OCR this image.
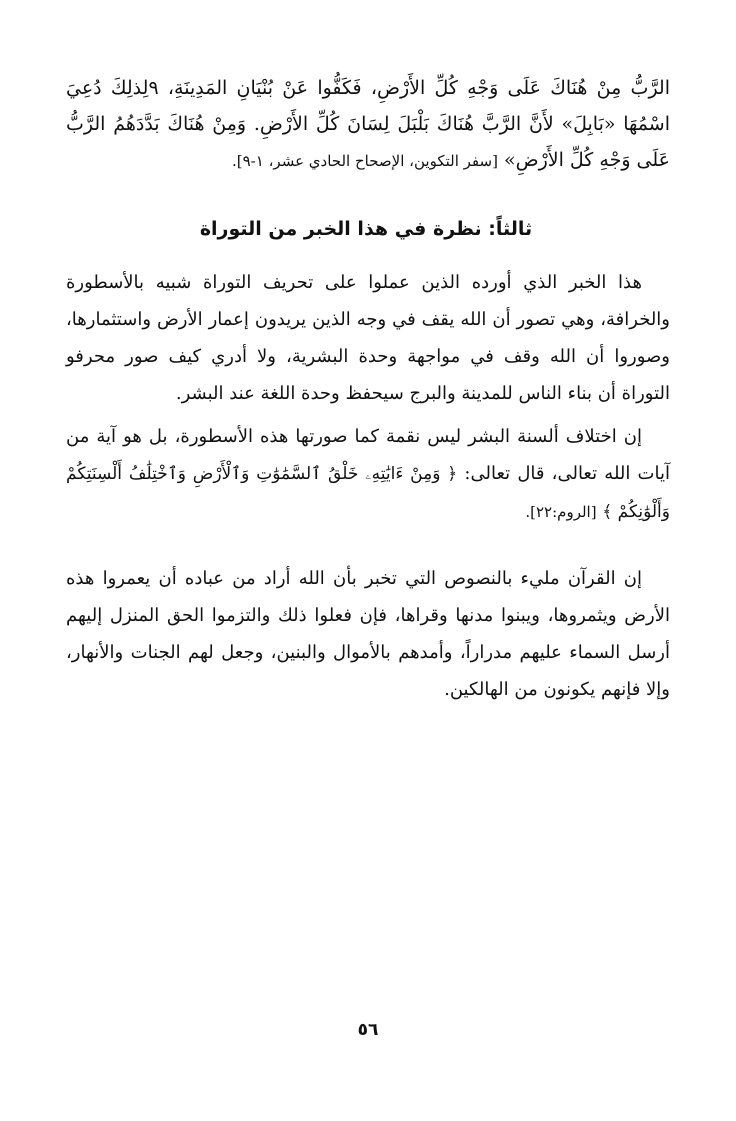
الرَّبُّ مِنْ هُنَاكَ عَلَى وَجْهِ كُلِّ الأَرْضِ، فَكَفُّوا عَنْ بُنْيَانِ المَدِينَةِ، ٩لِذلِكَ دُعِيَ اسْمُهَا «بَابِلَ» لأَنَّ الرَّبَّ هُنَاكَ بَلْبَلَ لِسَانَ كُلِّ الأَرْضِ. وَمِنْ هُنَاكَ بَدَّدَهُمُ الرَّبُّ عَلَى وَجْهِ كُلِّ الأَرْضِ» [سفر التكوين، الإصحاح الحادي عشر، ١-٩].
ثالثاً: نظرة في هذا الخبر من التوراة
هذا الخبر الذي أورده الذين عملوا على تحريف التوراة شبيه بالأسطورة والخرافة، وهي تصور أن الله يقف في وجه الذين يريدون إعمار الأرض واستثمارها، وصوروا أن الله وقف في مواجهة وحدة البشرية، ولا أدري كيف صور محرفو التوراة أن بناء الناس للمدينة والبرج سيحفظ وحدة اللغة عند البشر.
إن اختلاف ألسنة البشر ليس نقمة كما صورتها هذه الأسطورة، بل هو آية من آيات الله تعالى، قال تعالى: ﴿ وَمِنْ ءَايَٰتِهِۦ خَلْقُ ٱلسَّمَٰوَٰتِ وَٱلْأَرْضِ وَٱخْتِلَٰفُ أَلْسِنَتِكُمْ وَأَلْوَٰنِكُمْ ﴾ [الروم:٢٢].
إن القرآن مليء بالنصوص التي تخبر بأن الله أراد من عباده أن يعمروا هذه الأرض ويثمروها، ويبنوا مدنها وقراها، فإن فعلوا ذلك والتزموا الحق المنزل إليهم أرسل السماء عليهم مدراراً، وأمدهم بالأموال والبنين، وجعل لهم الجنات والأنهار، وإلا فإنهم يكونون من الهالكين.
٥٦
